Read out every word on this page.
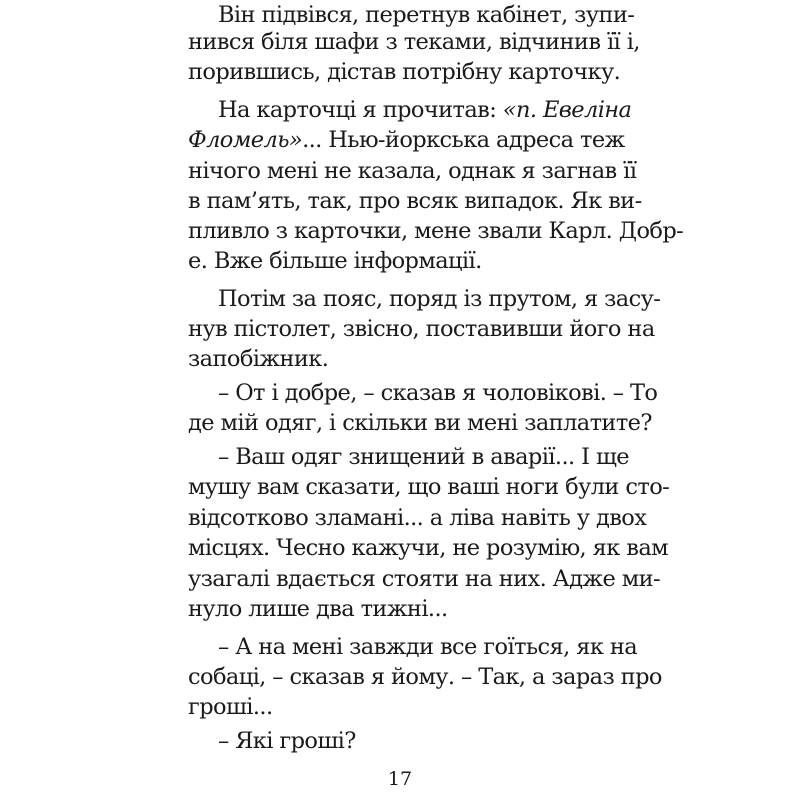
Він підвівся, перетнув кабінет, зупи-
нився біля шафи з теками, відчинив її і,
порившись, дістав потрібну карточку.
На карточці я прочитав: «п. Евеліна
Фломель»... Нью-йоркська адреса теж
нічого мені не казала, однак я загнав її
в пам’ять, так, про всяк випадок. Як ви-
пливло з карточки, мене звали Карл. Добр-
е. Вже більше інформації.
Потім за пояс, поряд із прутом, я засу-
нув пістолет, звісно, поставивши його на
запобіжник.
– От і добре, – сказав я чоловікові. – То
де мій одяг, і скільки ви мені заплатите?
– Ваш одяг знищений в аварії... І ще
мушу вам сказати, що ваші ноги були сто-
відсотково зламані... а ліва навіть у двох
місцях. Чесно кажучи, не розумію, як вам
узагалі вдається стояти на них. Адже ми-
нуло лише два тижні...
– А на мені завжди все гоїться, як на
собаці, – сказав я йому. – Так, а зараз про
гроші...
– Які гроші?
17
